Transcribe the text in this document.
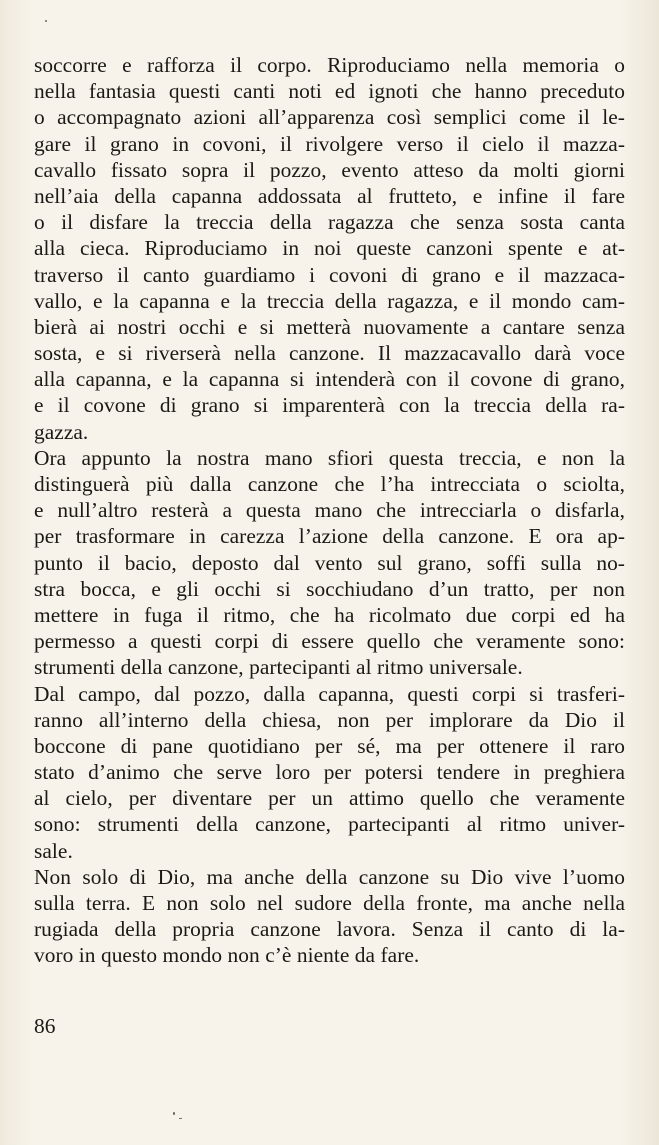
soccorre e rafforza il corpo. Riproduciamo nella memoria o
nella fantasia questi canti noti ed ignoti che hanno preceduto
o accompagnato azioni all’apparenza così semplici come il le-
gare il grano in covoni, il rivolgere verso il cielo il mazza-
cavallo fissato sopra il pozzo, evento atteso da molti giorni
nell’aia della capanna addossata al frutteto, e infine il fare
o il disfare la treccia della ragazza che senza sosta canta
alla cieca. Riproduciamo in noi queste canzoni spente e at-
traverso il canto guardiamo i covoni di grano e il mazzaca-
vallo, e la capanna e la treccia della ragazza, e il mondo cam-
bierà ai nostri occhi e si metterà nuovamente a cantare senza
sosta, e si riverserà nella canzone. Il mazzacavallo darà voce
alla capanna, e la capanna si intenderà con il covone di grano,
e il covone di grano si imparenterà con la treccia della ra-
gazza.
Ora appunto la nostra mano sfiori questa treccia, e non la
distinguerà più dalla canzone che l’ha intrecciata o sciolta,
e null’altro resterà a questa mano che intrecciarla o disfarla,
per trasformare in carezza l’azione della canzone. E ora ap-
punto il bacio, deposto dal vento sul grano, soffi sulla no-
stra bocca, e gli occhi si socchiudano d’un tratto, per non
mettere in fuga il ritmo, che ha ricolmato due corpi ed ha
permesso a questi corpi di essere quello che veramente sono:
strumenti della canzone, partecipanti al ritmo universale.
Dal campo, dal pozzo, dalla capanna, questi corpi si trasferi-
ranno all’interno della chiesa, non per implorare da Dio il
boccone di pane quotidiano per sé, ma per ottenere il raro
stato d’animo che serve loro per potersi tendere in preghiera
al cielo, per diventare per un attimo quello che veramente
sono: strumenti della canzone, partecipanti al ritmo univer-
sale.
Non solo di Dio, ma anche della canzone su Dio vive l’uomo
sulla terra. E non solo nel sudore della fronte, ma anche nella
rugiada della propria canzone lavora. Senza il canto di la-
voro in questo mondo non c’è niente da fare.
86
